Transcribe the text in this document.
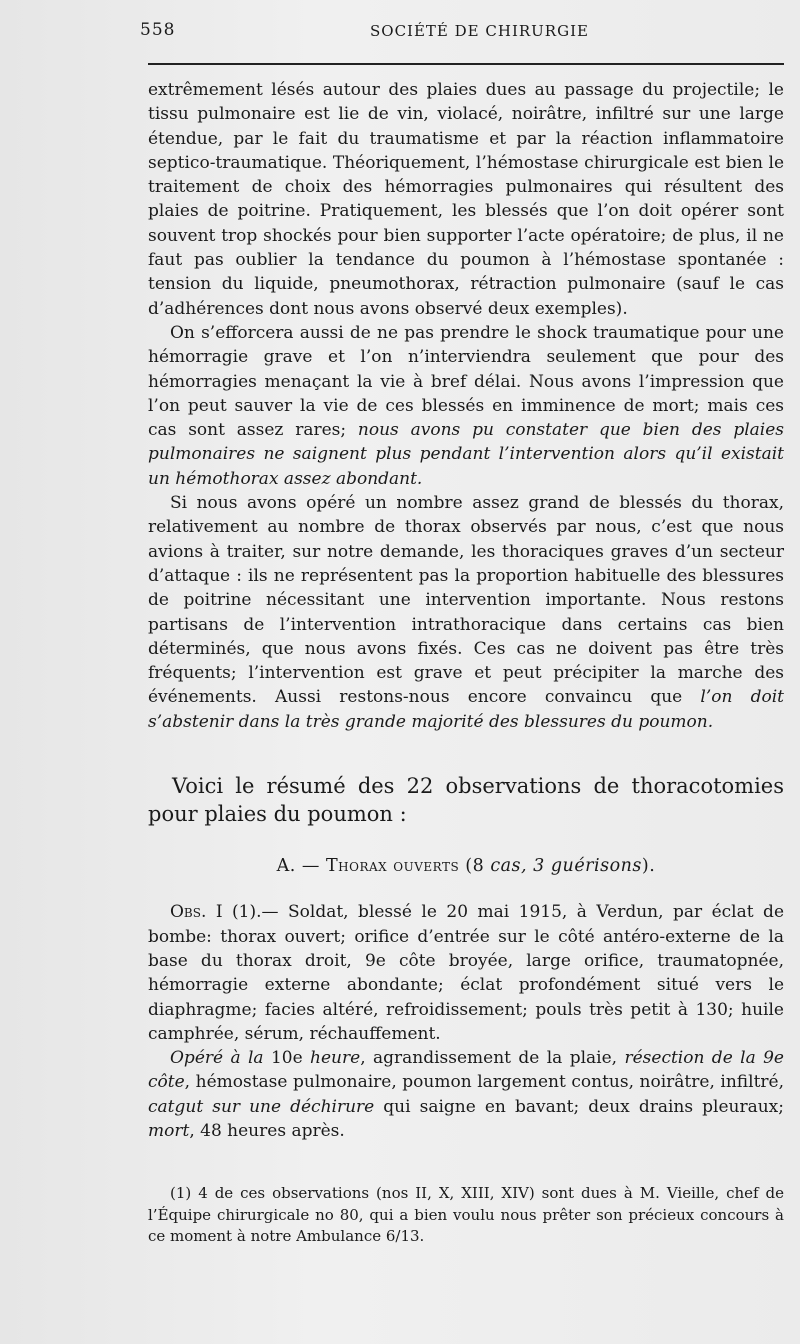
558	SOCIÉTÉ DE CHIRURGIE

extrêmement lésés autour des plaies dues au passage du projectile; le tissu pulmonaire est lie de vin, violacé, noirâtre, infiltré sur une large étendue, par le fait du traumatisme et par la réaction inflammatoire septico-traumatique. Théoriquement, l’hémostase chirurgicale est bien le traitement de choix des hémorragies pulmonaires qui résultent des plaies de poitrine. Pratiquement, les blessés que l’on doit opérer sont souvent trop shockés pour bien supporter l’acte opératoire; de plus, il ne faut pas oublier la tendance du poumon à l’hémostase spontanée : tension du liquide, pneumothorax, rétraction pulmonaire (sauf le cas d’adhérences dont nous avons observé deux exemples).

On s’efforcera aussi de ne pas prendre le shock traumatique pour une hémorragie grave et l’on n’interviendra seulement que pour des hémorragies menaçant la vie à bref délai. Nous avons l’impression que l’on peut sauver la vie de ces blessés en imminence de mort; mais ces cas sont assez rares; nous avons pu constater que bien des plaies pulmonaires ne saignent plus pendant l’intervention alors qu’il existait un hémothorax assez abondant.

Si nous avons opéré un nombre assez grand de blessés du thorax, relativement au nombre de thorax observés par nous, c’est que nous avions à traiter, sur notre demande, les thoraciques graves d’un secteur d’attaque : ils ne représentent pas la proportion habituelle des blessures de poitrine nécessitant une intervention importante. Nous restons partisans de l’intervention intrathoracique dans certains cas bien déterminés, que nous avons fixés. Ces cas ne doivent pas être très fréquents; l’intervention est grave et peut précipiter la marche des événements. Aussi restons-nous encore convaincu que l’on doit s’abstenir dans la très grande majorité des blessures du poumon.

Voici le résumé des 22 observations de thoracotomies pour plaies du poumon :

A. — Thorax ouverts (8 cas, 3 guérisons).

Obs. I (1).— Soldat, blessé le 20 mai 1915, à Verdun, par éclat de bombe: thorax ouvert; orifice d’entrée sur le côté antéro-externe de la base du thorax droit, 9e côte broyée, large orifice, traumatopnée, hémorragie externe abondante; éclat profondément situé vers le diaphragme; facies altéré, refroidissement; pouls très petit à 130; huile camphrée, sérum, réchauffement.

Opéré à la 10e heure, agrandissement de la plaie, résection de la 9e côte, hémostase pulmonaire, poumon largement contus, noirâtre, infiltré, catgut sur une déchirure qui saigne en bavant; deux drains pleuraux; mort, 48 heures après.

(1) 4 de ces observations (nos II, X, XIII, XIV) sont dues à M. Vieille, chef de l’Équipe chirurgicale no 80, qui a bien voulu nous prêter son précieux concours à ce moment à notre Ambulance 6/13.
